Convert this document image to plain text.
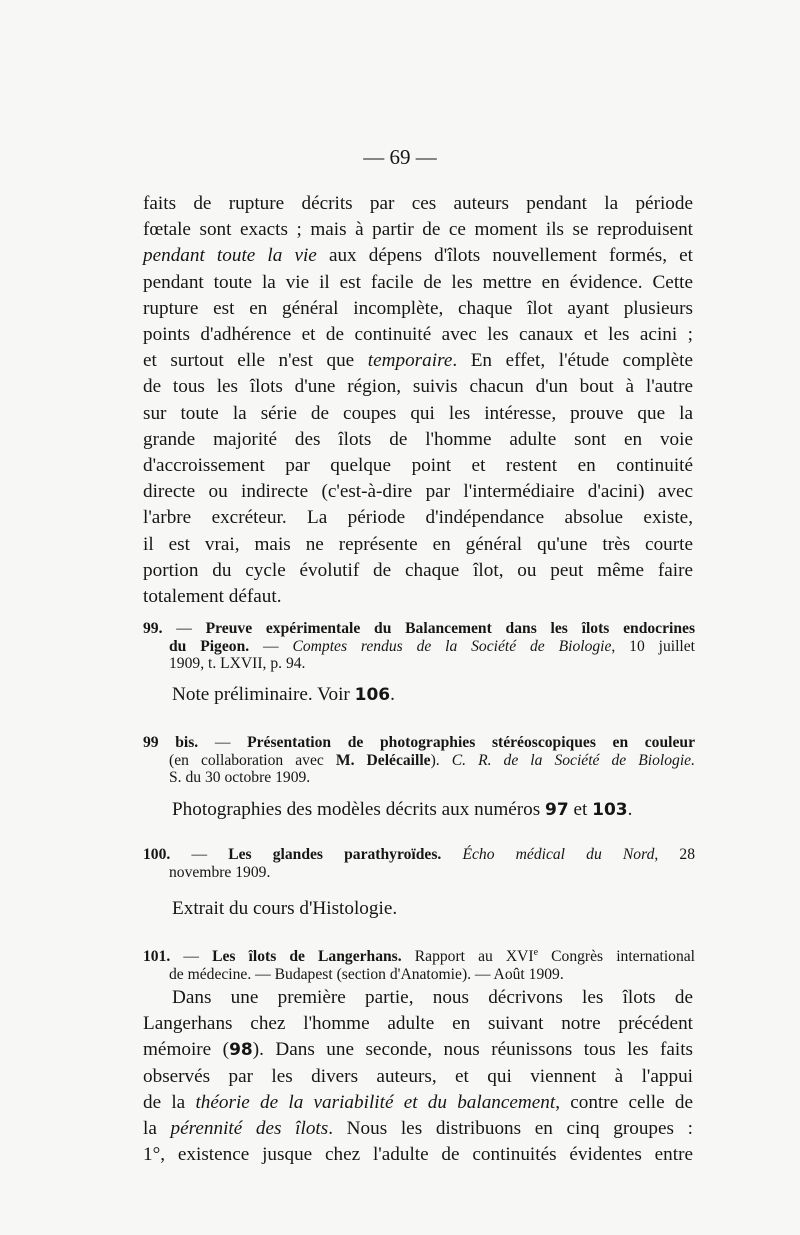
— 69 —

faits de rupture décrits par ces auteurs pendant la période
fœtale sont exacts ; mais à partir de ce moment ils se reproduisent
pendant toute la vie aux dépens d'îlots nouvellement formés, et
pendant toute la vie il est facile de les mettre en évidence. Cette
rupture est en général incomplète, chaque îlot ayant plusieurs
points d'adhérence et de continuité avec les canaux et les acini ;
et surtout elle n'est que temporaire. En effet, l'étude complète
de tous les îlots d'une région, suivis chacun d'un bout à l'autre
sur toute la série de coupes qui les intéresse, prouve que la
grande majorité des îlots de l'homme adulte sont en voie
d'accroissement par quelque point et restent en continuité
directe ou indirecte (c'est-à-dire par l'intermédiaire d'acini) avec
l'arbre excréteur. La période d'indépendance absolue existe,
il est vrai, mais ne représente en général qu'une très courte
portion du cycle évolutif de chaque îlot, ou peut même faire
totalement défaut.

99. — Preuve expérimentale du Balancement dans les îlots endocrines
du Pigeon. — Comptes rendus de la Société de Biologie, 10 juillet
1909, t. LXVII, p. 94.

Note préliminaire. Voir 106.

99 bis. — Présentation de photographies stéréoscopiques en couleur
(en collaboration avec M. Delécaille). C. R. de la Société de Biologie.
S. du 30 octobre 1909.

Photographies des modèles décrits aux numéros 97 et 103.

100. — Les glandes parathyroïdes. Écho médical du Nord, 28
novembre 1909.

Extrait du cours d'Histologie.

101. — Les îlots de Langerhans. Rapport au XVIe Congrès international
de médecine. — Budapest (section d'Anatomie). — Août 1909.

Dans une première partie, nous décrivons les îlots de
Langerhans chez l'homme adulte en suivant notre précédent
mémoire (98). Dans une seconde, nous réunissons tous les faits
observés par les divers auteurs, et qui viennent à l'appui
de la théorie de la variabilité et du balancement, contre celle de
la pérennité des îlots. Nous les distribuons en cinq groupes :
1°, existence jusque chez l'adulte de continuités évidentes entre
